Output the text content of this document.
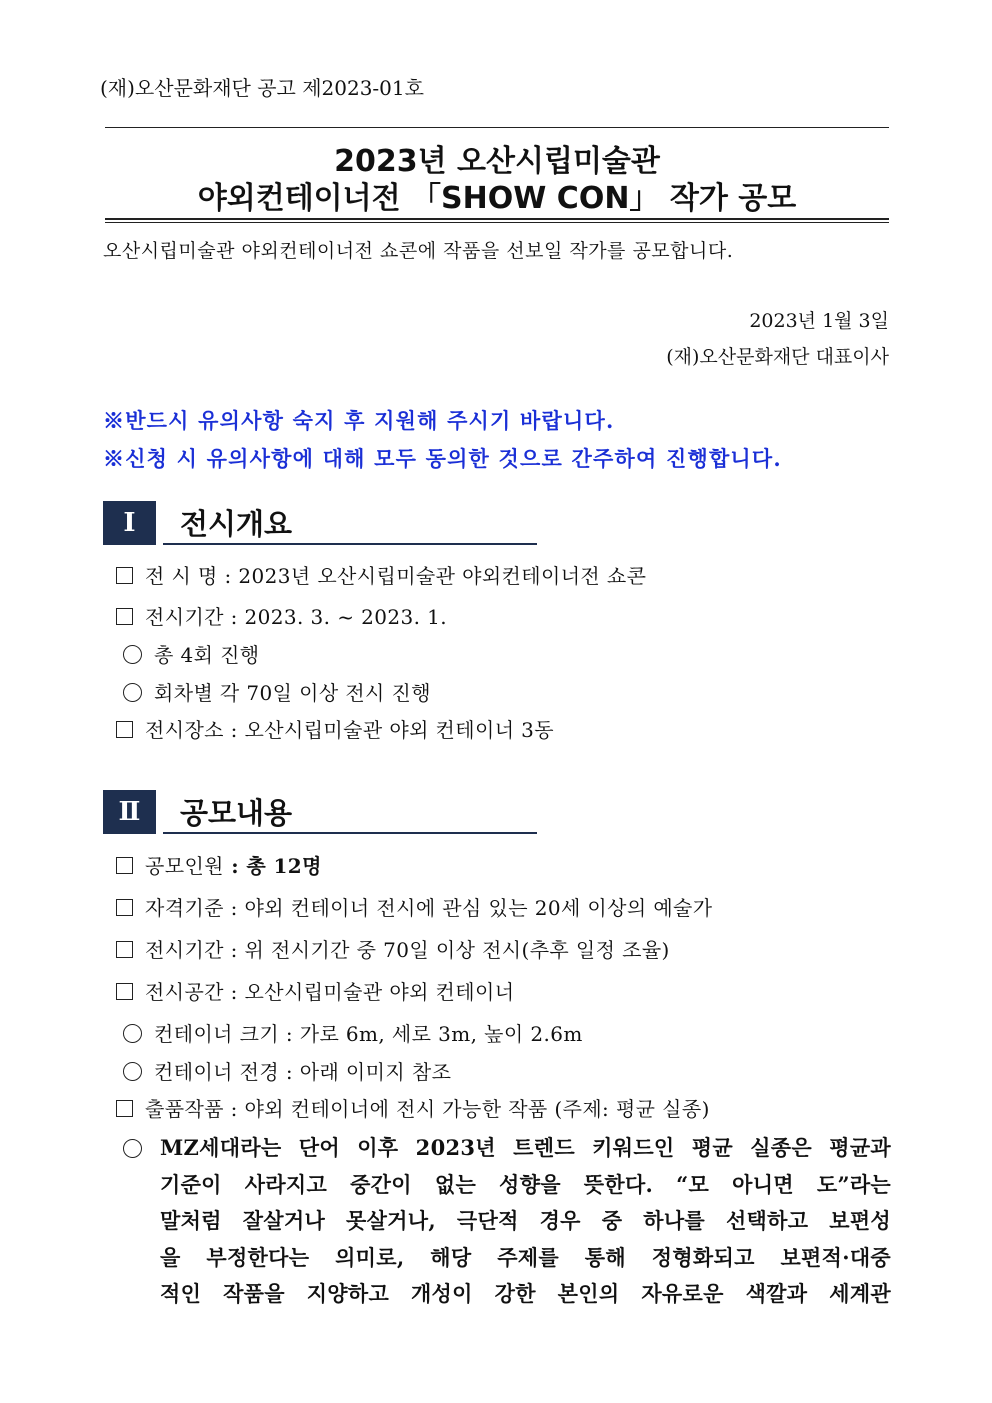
(재)오산문화재단 공고 제2023-01호
2023년 오산시립미술관
야외컨테이너전 「SHOW CON」 작가 공모
오산시립미술관 야외컨테이너전 쇼콘에 작품을 선보일 작가를 공모합니다.
2023년 1월 3일
(재)오산문화재단 대표이사
※반드시 유의사항 숙지 후 지원해 주시기 바랍니다.
※신청 시 유의사항에 대해 모두 동의한 것으로 간주하여 진행합니다.
Ⅰ	전시개요
전 시 명 : 2023년 오산시립미술관 야외컨테이너전 쇼콘
전시기간 : 2023. 3. ~ 2023. 1.
총 4회 진행
회차별 각 70일 이상 전시 진행
전시장소 : 오산시립미술관 야외 컨테이너 3동
Ⅱ	공모내용
공모인원 : 총 12명
자격기준 : 야외 컨테이너 전시에 관심 있는 20세 이상의 예술가
전시기간 : 위 전시기간 중 70일 이상 전시(추후 일정 조율)
전시공간 : 오산시립미술관 야외 컨테이너
컨테이너 크기 : 가로 6m, 세로 3m, 높이 2.6m
컨테이너 전경 : 아래 이미지 참조
출품작품 : 야외 컨테이너에 전시 가능한 작품 (주제: 평균 실종)
MZ세대라는 단어 이후 2023년 트렌드 키워드인 평균 실종은 평균과
기준이 사라지고 중간이 없는 성향을 뜻한다. “모 아니면 도”라는
말처럼 잘살거나 못살거나, 극단적 경우 중 하나를 선택하고 보편성
을 부정한다는 의미로, 해당 주제를 통해 정형화되고 보편적·대중
적인 작품을 지양하고 개성이 강한 본인의 자유로운 색깔과 세계관
